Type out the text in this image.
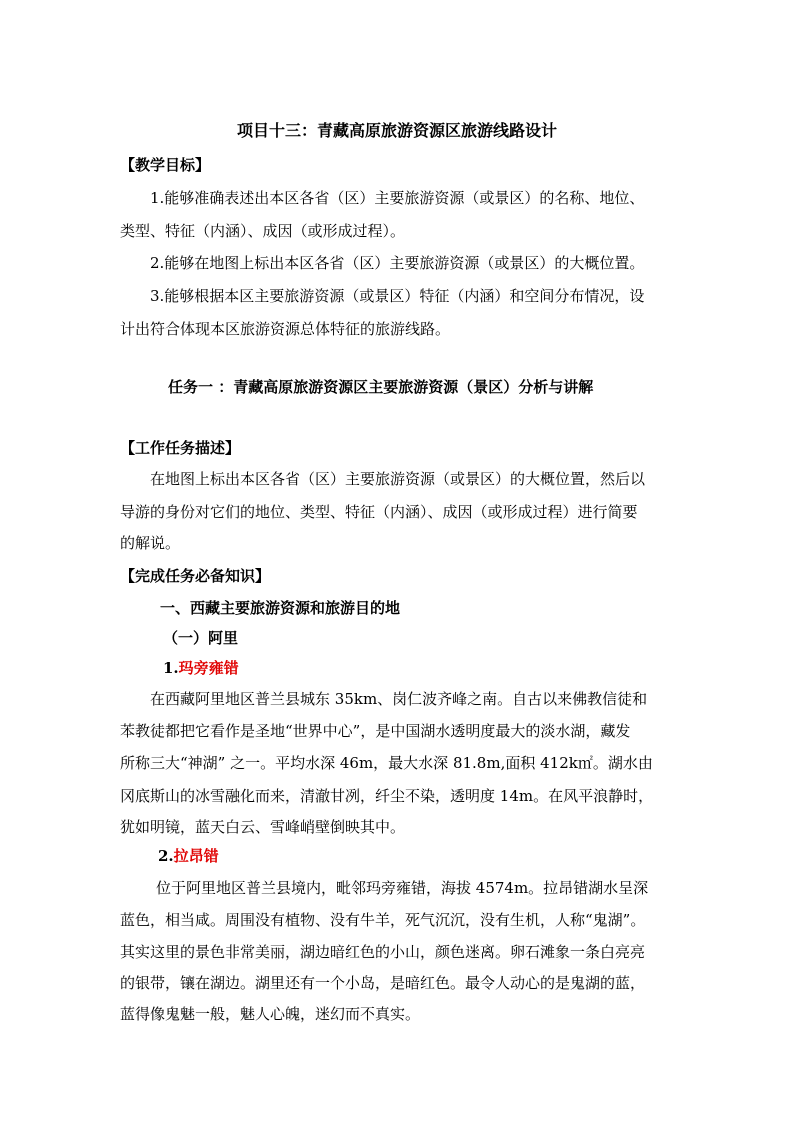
项目十三：青藏高原旅游资源区旅游线路设计
【教学目标】
1.能够准确表述出本区各省（区）主要旅游资源（或景区）的名称、地位、
类型、特征（内涵）、成因（或形成过程）。
2.能够在地图上标出本区各省（区）主要旅游资源（或景区）的大概位置。
3.能够根据本区主要旅游资源（或景区）特征（内涵）和空间分布情况，设
计出符合体现本区旅游资源总体特征的旅游线路。
任务一 ：青藏高原旅游资源区主要旅游资源（景区）分析与讲解
【工作任务描述】
在地图上标出本区各省（区）主要旅游资源（或景区）的大概位置，然后以
导游的身份对它们的地位、类型、特征（内涵）、成因（或形成过程）进行简要
的解说。
【完成任务必备知识】
一、西藏主要旅游资源和旅游目的地
（一）阿里
1.玛旁雍错
在西藏阿里地区普兰县城东 35km、岗仁波齐峰之南。自古以来佛教信徒和
苯教徒都把它看作是圣地“世界中心”，是中国湖水透明度最大的淡水湖，藏发
所称三大“神湖” 之一。平均水深 46m，最大水深 81.8m,面积 412k㎡。湖水由
冈底斯山的冰雪融化而来，清澈甘冽，纤尘不染，透明度 14m。在风平浪静时，
犹如明镜，蓝天白云、雪峰峭壁倒映其中。
2.拉昂错
位于阿里地区普兰县境内，毗邻玛旁雍错，海拔 4574m。拉昂错湖水呈深
蓝色，相当咸。周围没有植物、没有牛羊，死气沉沉，没有生机，人称“鬼湖”。
其实这里的景色非常美丽，湖边暗红色的小山，颜色迷离。卵石滩象一条白亮亮
的银带，镶在湖边。湖里还有一个小岛，是暗红色。最令人动心的是鬼湖的蓝，
蓝得像鬼魅一般，魅人心魄，迷幻而不真实。
